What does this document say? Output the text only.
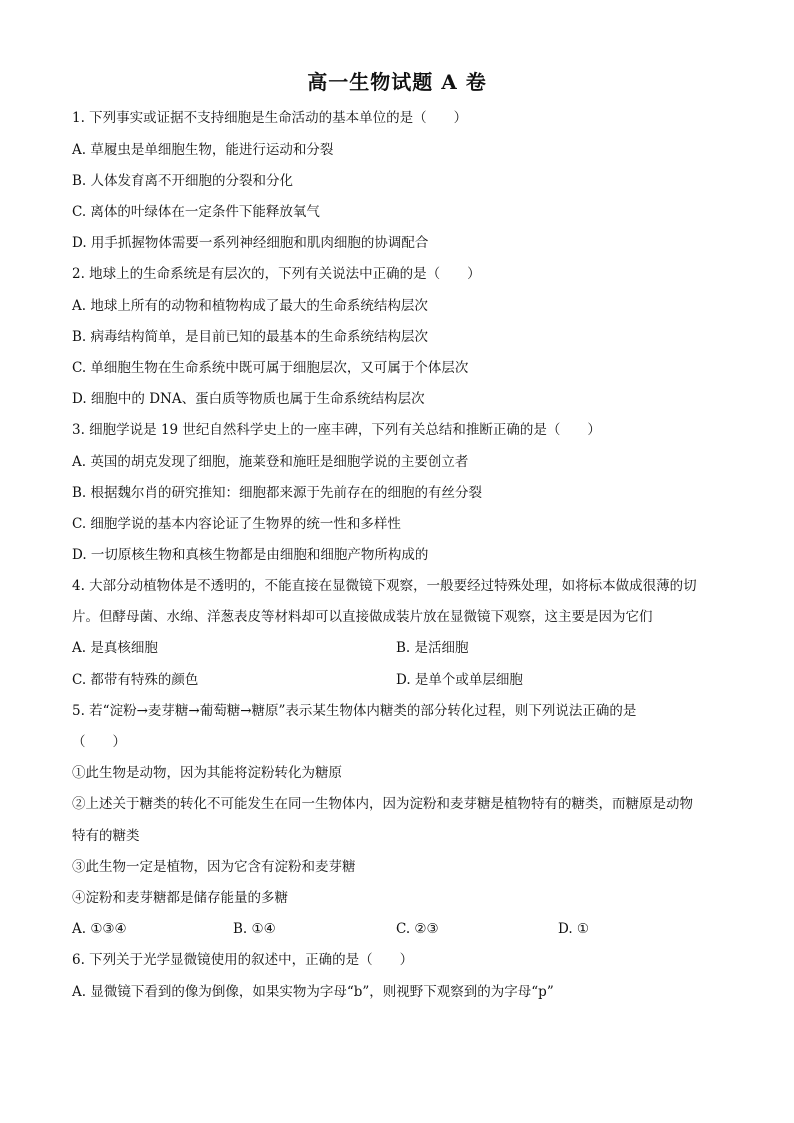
高一生物试题 A 卷
1. 下列事实或证据不支持细胞是生命活动的基本单位的是（　　）
A. 草履虫是单细胞生物，能进行运动和分裂
B. 人体发育离不开细胞的分裂和分化
C. 离体的叶绿体在一定条件下能释放氧气
D. 用手抓握物体需要一系列神经细胞和肌肉细胞的协调配合
2. 地球上的生命系统是有层次的，下列有关说法中正确的是（　　）
A. 地球上所有的动物和植物构成了最大的生命系统结构层次
B. 病毒结构简单，是目前已知的最基本的生命系统结构层次
C. 单细胞生物在生命系统中既可属于细胞层次，又可属于个体层次
D. 细胞中的 DNA、蛋白质等物质也属于生命系统结构层次
3. 细胞学说是 19 世纪自然科学史上的一座丰碑，下列有关总结和推断正确的是（　　）
A. 英国的胡克发现了细胞，施莱登和施旺是细胞学说的主要创立者
B. 根据魏尔肖的研究推知：细胞都来源于先前存在的细胞的有丝分裂
C. 细胞学说的基本内容论证了生物界的统一性和多样性
D. 一切原核生物和真核生物都是由细胞和细胞产物所构成的
4. 大部分动植物体是不透明的，不能直接在显微镜下观察，一般要经过特殊处理，如将标本做成很薄的切
片。但酵母菌、水绵、洋葱表皮等材料却可以直接做成装片放在显微镜下观察，这主要是因为它们
A. 是真核细胞	B. 是活细胞
C. 都带有特殊的颜色	D. 是单个或单层细胞
5. 若“淀粉→麦芽糖→葡萄糖→糖原”表示某生物体内糖类的部分转化过程，则下列说法正确的是
（　　）
①此生物是动物，因为其能将淀粉转化为糖原
②上述关于糖类的转化不可能发生在同一生物体内，因为淀粉和麦芽糖是植物特有的糖类，而糖原是动物
特有的糖类
③此生物一定是植物，因为它含有淀粉和麦芽糖
④淀粉和麦芽糖都是储存能量的多糖
A. ①③④	B. ①④	C. ②③	D. ①
6. 下列关于光学显微镜使用的叙述中，正确的是（　　）
A. 显微镜下看到的像为倒像，如果实物为字母“b”，则视野下观察到的为字母“p”
